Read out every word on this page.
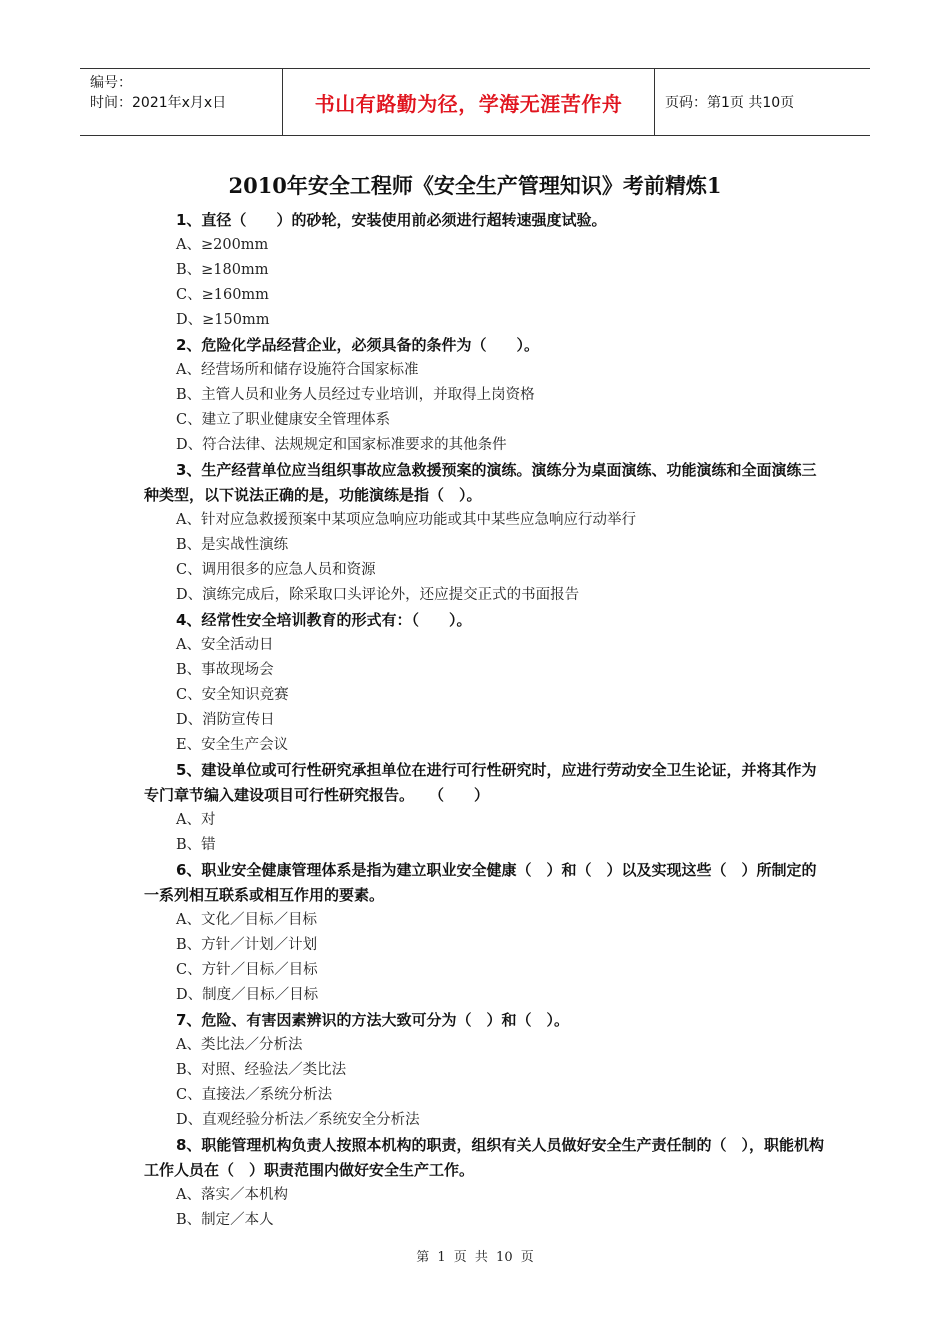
编号：
时间：2021年x月x日	书山有路勤为径，学海无涯苦作舟	页码：第1页 共10页
2010年安全工程师《安全生产管理知识》考前精炼1

1、直径（　　）的砂轮，安装使用前必须进行超转速强度试验。

A、≥200mm

B、≥180mm

C、≥160mm

D、≥150mm

2、危险化学品经营企业，必须具备的条件为（　　）。

A、经营场所和储存设施符合国家标准

B、主管人员和业务人员经过专业培训，并取得上岗资格

C、建立了职业健康安全管理体系

D、符合法律、法规规定和国家标准要求的其他条件

3、生产经营单位应当组织事故应急救援预案的演练。演练分为桌面演练、功能演练和全面演练三种类型，以下说法正确的是，功能演练是指（　）。

A、针对应急救援预案中某项应急响应功能或其中某些应急响应行动举行

B、是实战性演练

C、调用很多的应急人员和资源

D、演练完成后，除采取口头评论外，还应提交正式的书面报告

4、经常性安全培训教育的形式有：（　　）。

A、安全活动日

B、事故现场会

C、安全知识竞赛

D、消防宣传日

E、安全生产会议

5、建设单位或可行性研究承担单位在进行可行性研究时，应进行劳动安全卫生论证，并将其作为专门章节编入建设项目可行性研究报告。　　（　　）

A、对

B、错

6、职业安全健康管理体系是指为建立职业安全健康（　）和（　）以及实现这些（　）所制定的一系列相互联系或相互作用的要素。

A、文化／目标／目标

B、方针／计划／计划

C、方针／目标／目标

D、制度／目标／目标

7、危险、有害因素辨识的方法大致可分为（　）和（　）。

A、类比法／分析法

B、对照、经验法／类比法

C、直接法／系统分析法

D、直观经验分析法／系统安全分析法

8、职能管理机构负责人按照本机构的职责，组织有关人员做好安全生产责任制的（　），职能机构工作人员在（　）职责范围内做好安全生产工作。

A、落实／本机构

B、制定／本人

第 1 页 共 10 页
